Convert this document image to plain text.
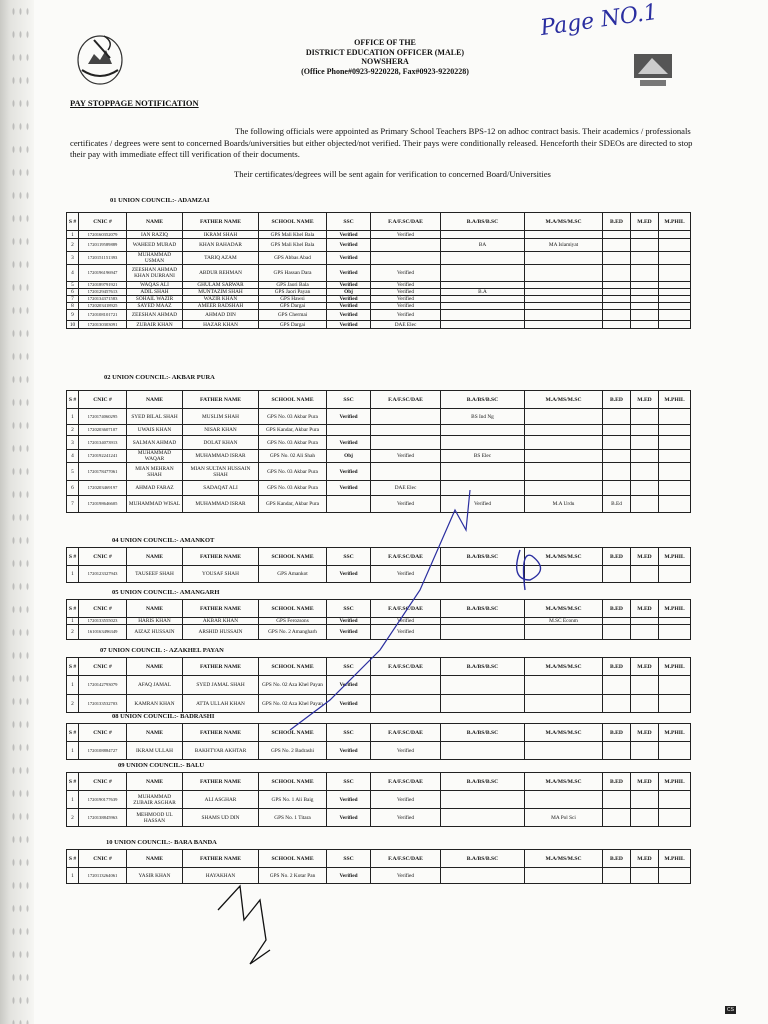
OFFICE OF THE
DISTRICT EDUCATION OFFICER (MALE)
NOWSHERA
(Office Phone#0923-9220228, Fax#0923-9220228)
Page NO.1
PAY STOPPAGE NOTIFICATION
The following officials were appointed as Primary School Teachers BPS-12 on adhoc contract basis. Their academics / professionals certificates / degrees were sent to concerned Boards/universities but either objected/not verified. Their pays were conditionally released. Henceforth their SDEOs are directed to stop their pay with immediate effect till verification of their documents.
Their certificates/degrees will be sent again for verification to concerned Board/Universities
01 UNION COUNCIL:- ADAMZAI
S #	CNIC #	NAME	FATHER NAME	SCHOOL NAME	SSC	F.A/F.SC/DAE	B.A/BS/B.SC	M.A/MS/M.SC	B.ED	M.ED	M.PHIL
1	1720160352079	IAN RAZIQ	IKRAM SHAH	GPS Mali Khel Bala	Verified	Verified					
2	1720119589889	WAHEED MURAD	KHAN BAHADAR	GPS Mali Khel Bala	Verified		BA	MA Islamiyat			
3	1720151151393	MUHAMMAD USMAN	TARIQ AZAM	GPS Abbas Abad	Verified						
4	1720196196947	ZEESHAN AHMAD KHAN DURRANI	ABDUR REHMAN	GPS Hassan Dara	Verified	Verified					
5	1720189791921	WAQAS ALI	GHULAM SARWAR	GPS Jaori Bala	Verified	Verified					
6	1720129457613	ADIL SHAH	MUNTAZIM SHAH	GPS Jaori Payan	Obj	Verified	B.A				
7	1720134371583	SOHAIL WAZIR	WAZIR KHAN	GPS Hawsi	Verified	Verified					
8	1720203418925	SAYED MAAZ	AMEER BADSHAH	GPS Dargai	Verified	Verified					
9	1720108101721	ZEESHAN AHMAD	AHMAD DIN	GPS Chermai	Verified	Verified					
10	1720130303091	ZUBAIR KHAN	HAZAR KHAN	GPS Dargai	Verified	DAE Elec					
02 UNION COUNCIL:- AKBAR PURA
S #	CNIC #	NAME	FATHER NAME	SCHOOL NAME	SSC	F.A/F.SC/DAE	B.A/BS/B.SC	M.A/MS/M.SC	B.ED	M.ED	M.PHIL
1	1720174060295	SYED BILAL SHAH	MUSLIM SHAH	GPS No. 03 Akbar Pura	Verified		BS Ind Ng				
2	1720203607107	UWAIS KHAN	NISAR KHAN	GPS Kandar, Akbar Pura							
3	1720134073913	SALMAN AHMAD	DOLAT KHAN	GPS No. 03 Akbar Pura	Verified						
4	1720192241241	MUHAMMAD WAQAR	MUHAMMAD ISRAR	GPS No. 02 Ali Shah	Obj	Verified	BS Elec				
5	1720178477061	MIAN MEHRAN SHAH	MIAN SULTAN HUSSAIN SHAH	GPS No. 03 Akbar Pura	Verified						
6	1720203469197	AHMAD FARAZ	SADAQAT ALI	GPS No. 03 Akbar Pura	Verified	DAE Elec					
7	1720198646605	MUHAMMAD WISAL	MUHAMMAD ISRAR	GPS Kandar, Akbar Pura		Verified	Verified	M.A Urdu	B.Ed		
04 UNION COUNCIL:- AMANKOT
S #	CNIC #	NAME	FATHER NAME	SCHOOL NAME	SSC	F.A/F.SC/DAE	B.A/BS/B.SC	M.A/MS/M.SC	B.ED	M.ED	M.PHIL
1	1720123327943	TAUSEEF SHAH	YOUSAF SHAH	GPS Amankot	Verified	Verified					
05 UNION COUNCIL:- AMANGARH
S #	CNIC #	NAME	FATHER NAME	SCHOOL NAME	SSC	F.A/F.SC/DAE	B.A/BS/B.SC	M.A/MS/M.SC	B.ED	M.ED	M.PHIL
1	1720133555023	HARIS KHAN	AKBAR KHAN	GPS Ferozsons	Verified	Verified		M.SC Econm			
2	1610163496349	AIZAZ HUSSAIN	ARSHID HUSSAIN	GPS No. 2 Amangharh	Verified	Verified					
07 UNION COUNCIL :- AZAKHEL PAYAN
S #	CNIC #	NAME	FATHER NAME	SCHOOL NAME	SSC	F.A/F.SC/DAE	B.A/BS/B.SC	M.A/MS/M.SC	B.ED	M.ED	M.PHIL
1	1720142793079	AFAQ JAMAL	SYED JAMAL SHAH	GPS No. 02 Aza Khel Payan	Verified						
2	1720133532703	KAMRAN KHAN	ATTA ULLAH KHAN	GPS No. 02 Aza Khel Payan	Verified						
08 UNION COUNCIL:- BADRASHI
S #	CNIC #	NAME	FATHER NAME	SCHOOL NAME	SSC	F.A/F.SC/DAE	B.A/BS/B.SC	M.A/MS/M.SC	B.ED	M.ED	M.PHIL
1	1720108884727	IKRAM ULLAH	BAKHTYAR AKHTAR	GPS No. 2 Badrashi	Verified	Verified					
09 UNION COUNCIL:- BALU
S #	CNIC #	NAME	FATHER NAME	SCHOOL NAME	SSC	F.A/F.SC/DAE	B.A/BS/B.SC	M.A/MS/M.SC	B.ED	M.ED	M.PHIL
1	1720190177639	MUHAMMAD ZUBAIR ASGHAR	ALI ASGHAR	GPS No. 1 Ali Baig	Verified	Verified					
2	1720138845963	MEHMOOD UL HASSAN	SHAMS UD DIN	GPS No. 1 Titara	Verified	Verified		MA Pol Sci			
10 UNION COUNCIL:- BARA BANDA
S #	CNIC #	NAME	FATHER NAME	SCHOOL NAME	SSC	F.A/F.SC/DAE	B.A/BS/B.SC	M.A/MS/M.SC	B.ED	M.ED	M.PHIL
1	1720113264061	YASIR KHAN	HAYAKHAN	GPS No. 2 Kotar Pan	Verified	Verified					
CS
